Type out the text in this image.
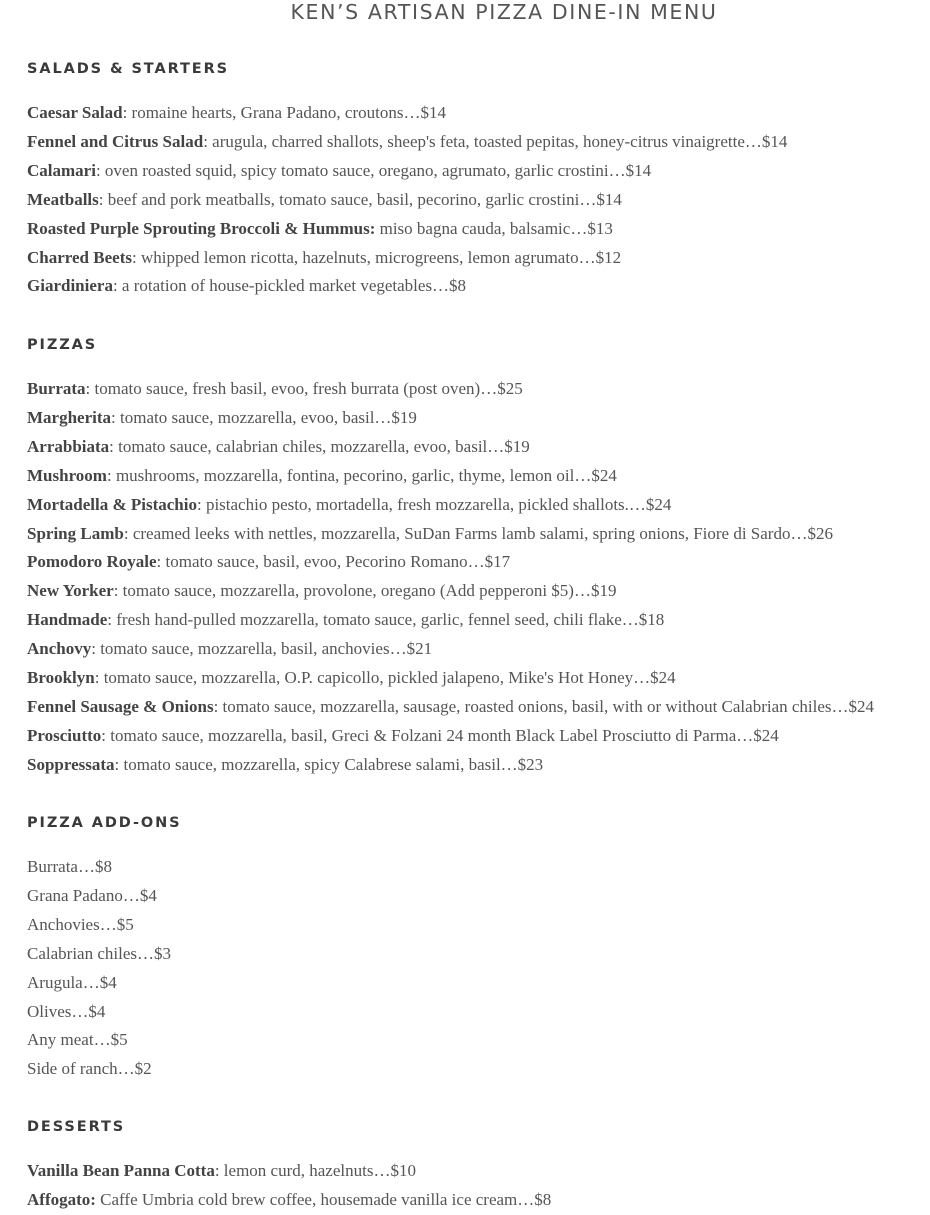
KEN’S ARTISAN PIZZA DINE-IN MENU
SALADS & STARTERS
Caesar Salad: romaine hearts, Grana Padano, croutons…$14
Fennel and Citrus Salad: arugula, charred shallots, sheep's feta, toasted pepitas, honey-citrus vinaigrette…$14
Calamari: oven roasted squid, spicy tomato sauce, oregano, agrumato, garlic crostini…$14
Meatballs: beef and pork meatballs, tomato sauce, basil, pecorino, garlic crostini…$14
Roasted Purple Sprouting Broccoli & Hummus: miso bagna cauda, balsamic…$13
Charred Beets: whipped lemon ricotta, hazelnuts, microgreens, lemon agrumato…$12
Giardiniera: a rotation of house-pickled market vegetables…$8
PIZZAS
Burrata: tomato sauce, fresh basil, evoo, fresh burrata (post oven)…$25
Margherita: tomato sauce, mozzarella, evoo, basil…$19
Arrabbiata: tomato sauce, calabrian chiles, mozzarella, evoo, basil…$19
Mushroom: mushrooms, mozzarella, fontina, pecorino, garlic, thyme, lemon oil…$24
Mortadella & Pistachio: pistachio pesto, mortadella, fresh mozzarella, pickled shallots.…$24
Spring Lamb: creamed leeks with nettles, mozzarella, SuDan Farms lamb salami, spring onions, Fiore di Sardo…$26
Pomodoro Royale: tomato sauce, basil, evoo, Pecorino Romano…$17
New Yorker: tomato sauce, mozzarella, provolone, oregano (Add pepperoni $5)…$19
Handmade: fresh hand-pulled mozzarella, tomato sauce, garlic, fennel seed, chili flake…$18
Anchovy: tomato sauce, mozzarella, basil, anchovies…$21
Brooklyn: tomato sauce, mozzarella, O.P. capicollo, pickled jalapeno, Mike's Hot Honey…$24
Fennel Sausage & Onions: tomato sauce, mozzarella, sausage, roasted onions, basil, with or without Calabrian chiles…$24
Prosciutto: tomato sauce, mozzarella, basil, Greci & Folzani 24 month Black Label Prosciutto di Parma…$24
Soppressata: tomato sauce, mozzarella, spicy Calabrese salami, basil…$23
PIZZA ADD-ONS
Burrata…$8
Grana Padano…$4
Anchovies…$5
Calabrian chiles…$3
Arugula…$4
Olives…$4
Any meat…$5
Side of ranch…$2
DESSERTS
Vanilla Bean Panna Cotta: lemon curd, hazelnuts…$10
Affogato: Caffe Umbria cold brew coffee, housemade vanilla ice cream…$8
